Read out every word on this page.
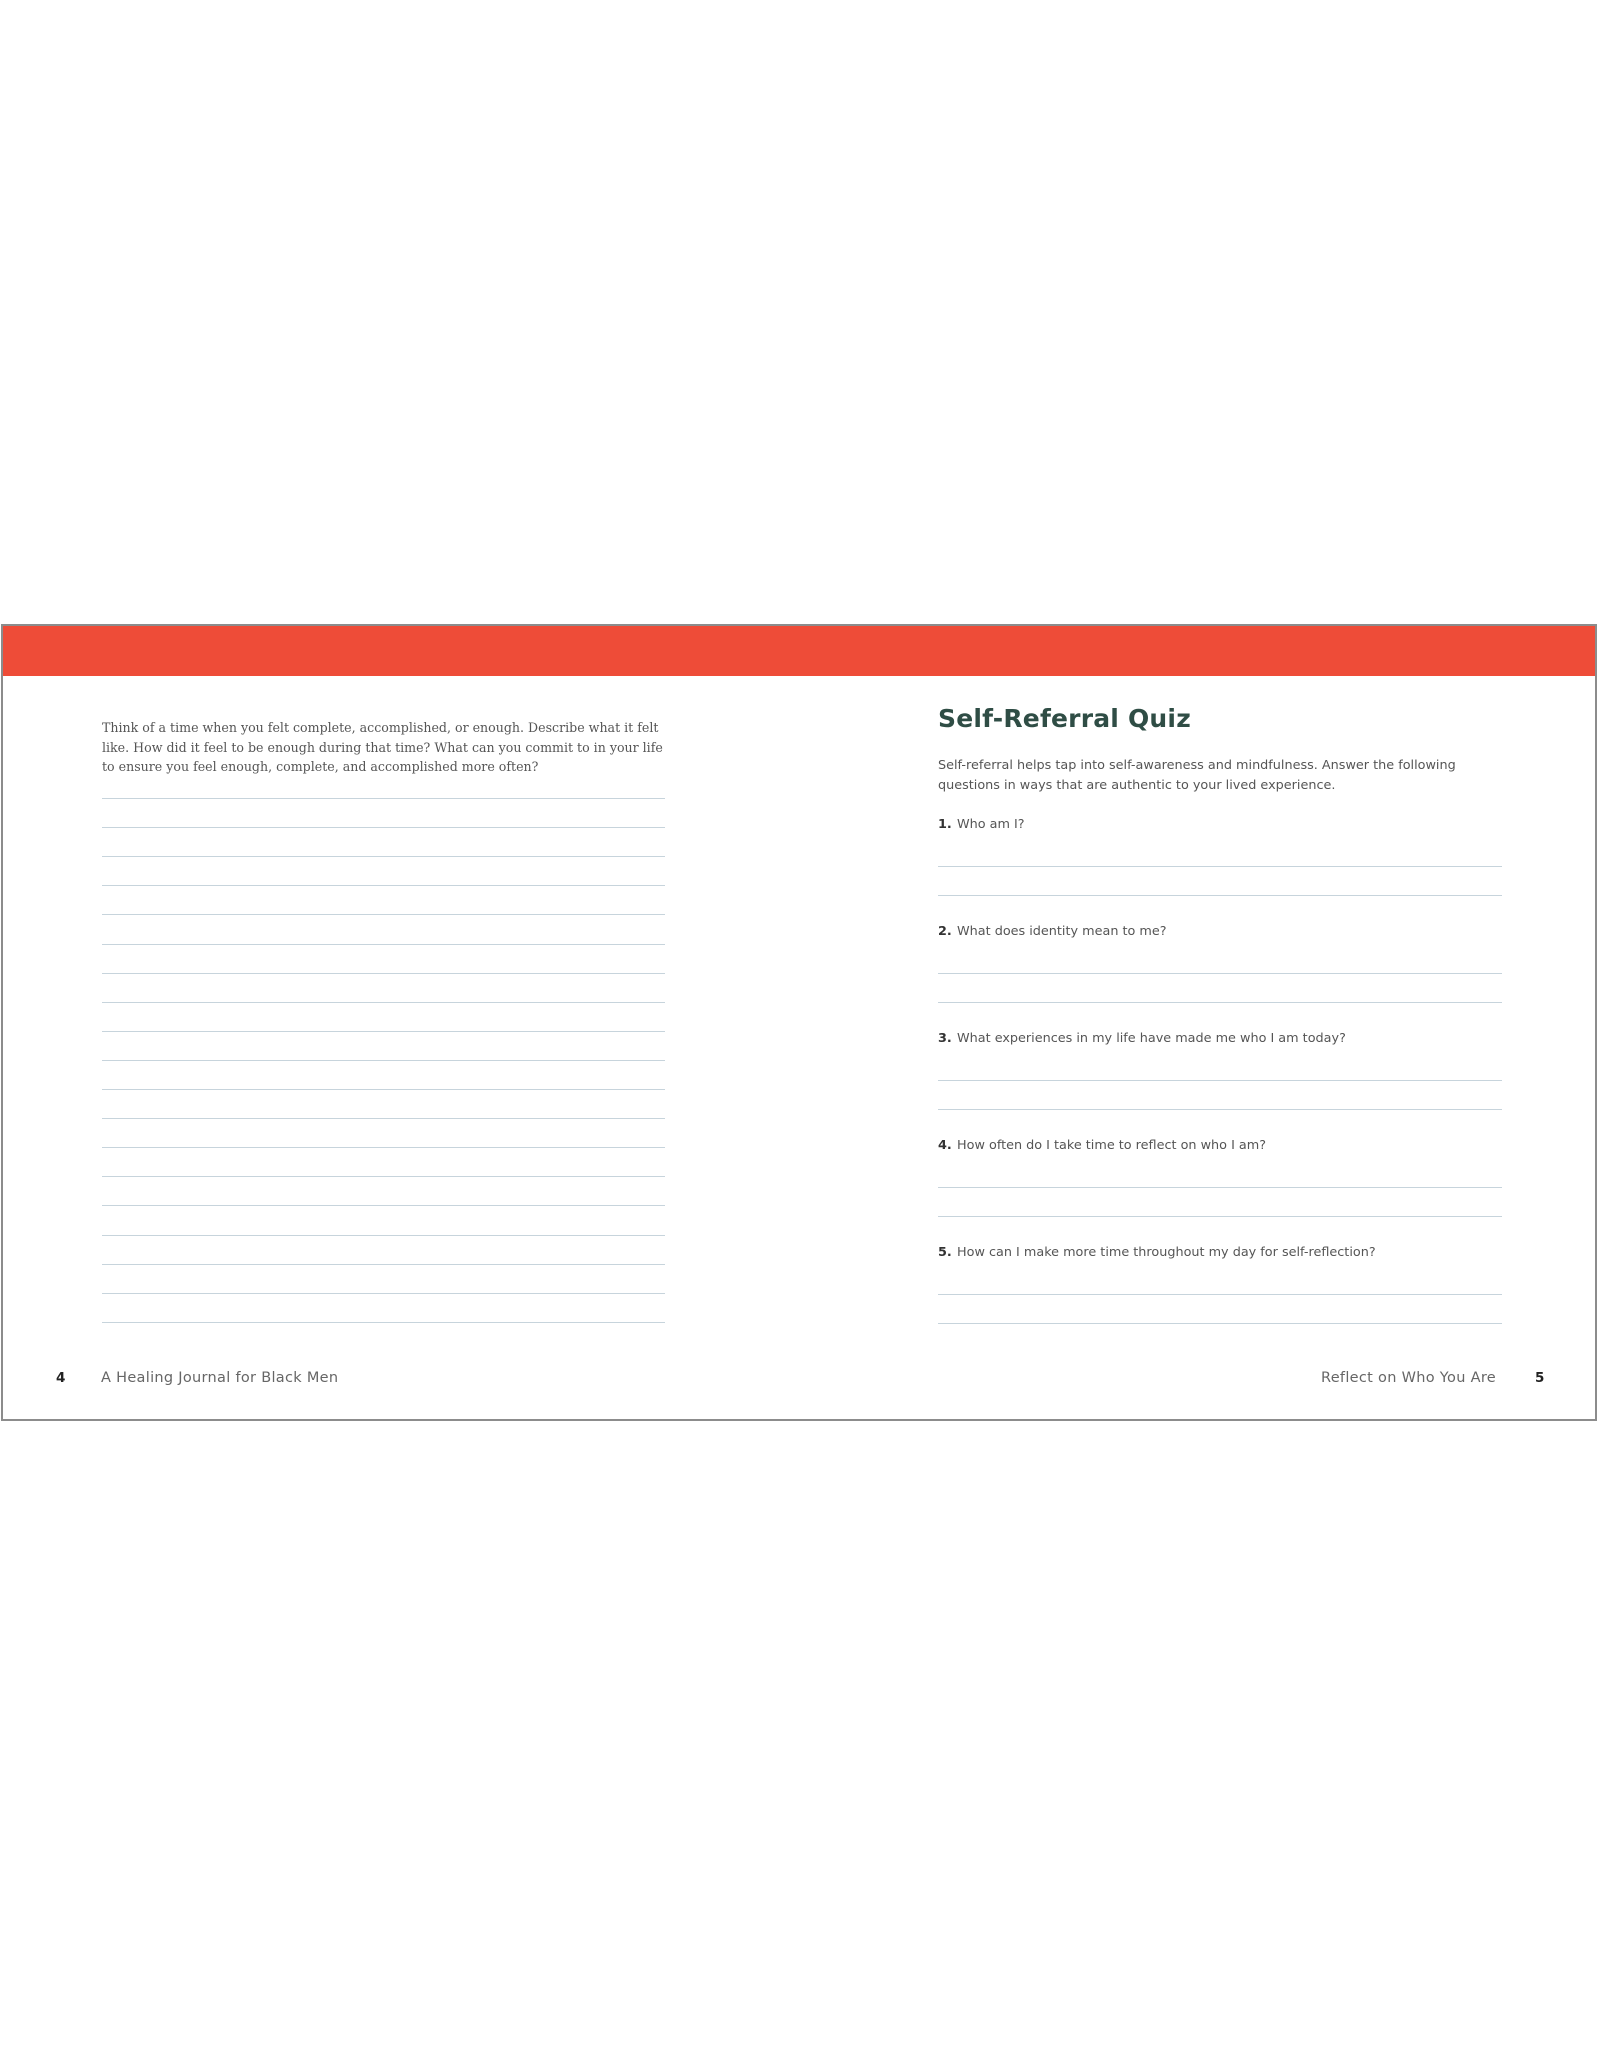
Think of a time when you felt complete, accomplished, or enough. Describe what it felt like. How did it feel to be enough during that time? What can you commit to in your life to ensure you feel enough, complete, and accomplished more often?

Self-Referral Quiz

Self-referral helps tap into self-awareness and mindfulness. Answer the following questions in ways that are authentic to your lived experience.

1. Who am I?
2. What does identity mean to me?
3. What experiences in my life have made me who I am today?
4. How often do I take time to reflect on who I am?
5. How can I make more time throughout my day for self-reflection?
4 A Healing Journal for Black Men	Reflect on Who You Are	5
